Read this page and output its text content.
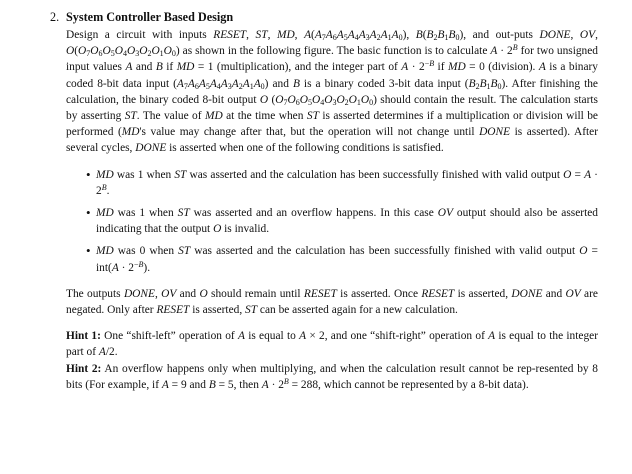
2. System Controller Based Design

Design a circuit with inputs RESET, ST, MD, $A(A_7A_6A_5A_4A_3A_2A_1A_0)$, $B(B_2B_1B_0)$, and out-puts DONE, OV, $O(O_7O_6O_5O_4O_3O_2O_1O_0)$ as shown in the following figure. The basic function is to calculate $A \cdot 2^B$ for two unsigned input values A and B if MD = 1 (multiplication), and the integer part of $A \cdot 2^{-B}$ if MD = 0 (division). A is a binary coded 8-bit data input $(A_7A_6A_5A_4A_3A_2A_1A_0)$ and B is a binary coded 3-bit data input $(B_2B_1B_0)$. After finishing the calculation, the binary coded 8-bit output O $(O_7O_6O_5O_4O_3O_2O_1O_0)$ should contain the result. The calculation starts by asserting ST. The value of MD at the time when ST is asserted determines if a multiplication or division will be performed (MD's value may change after that, but the operation will not change until DONE is asserted). After several cycles, DONE is asserted when one of the following conditions is satisfied.

• MD was 1 when ST was asserted and the calculation has been successfully finished with valid output $O = A \cdot 2^B$.
• MD was 1 when ST was asserted and an overflow happens. In this case OV output should also be asserted indicating that the output O is invalid.
• MD was 0 when ST was asserted and the calculation has been successfully finished with valid output $O = int(A \cdot 2^{-B})$.

The outputs DONE, OV and O should remain until RESET is asserted. Once RESET is asserted, DONE and OV are negated. Only after RESET is asserted, ST can be asserted again for a new calculation.

Hint 1: One “shift-left” operation of A is equal to A × 2, and one “shift-right” operation of A is equal to the integer part of A/2.

Hint 2: An overflow happens only when multiplying, and when the calculation result cannot be rep-resented by 8 bits (For example, if A = 9 and B = 5, then $A \cdot 2^B = 288$, which cannot be represented by a 8-bit data).
